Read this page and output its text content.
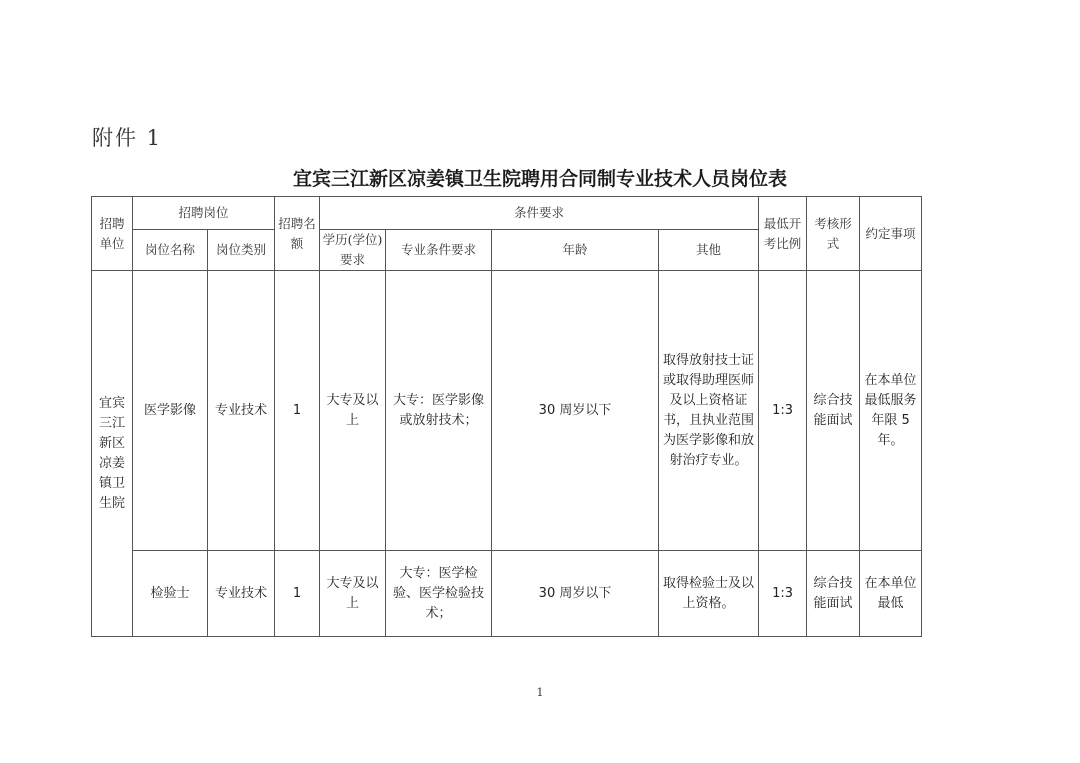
附件 1
宜宾三江新区凉姜镇卫生院聘用合同制专业技术人员岗位表
招聘单位	招聘岗位		招聘名额	条件要求				最低开考比例	考核形式	约定事项
	岗位名称	岗位类别		学历(学位)要求	专业条件要求	年龄	其他			
宜宾三江新区凉姜镇卫生院	医学影像	专业技术	1	大专及以上	大专：医学影像或放射技术；	30 周岁以下	取得放射技士证或取得助理医师及以上资格证书，且执业范围为医学影像和放射治疗专业。	1:3	综合技能面试	在本单位最低服务年限 5 年。
	检验士	专业技术	1	大专及以上	大专：医学检验、医学检验技术；	30 周岁以下	取得检验士及以上资格。	1:3	综合技能面试	在本单位最低
1
